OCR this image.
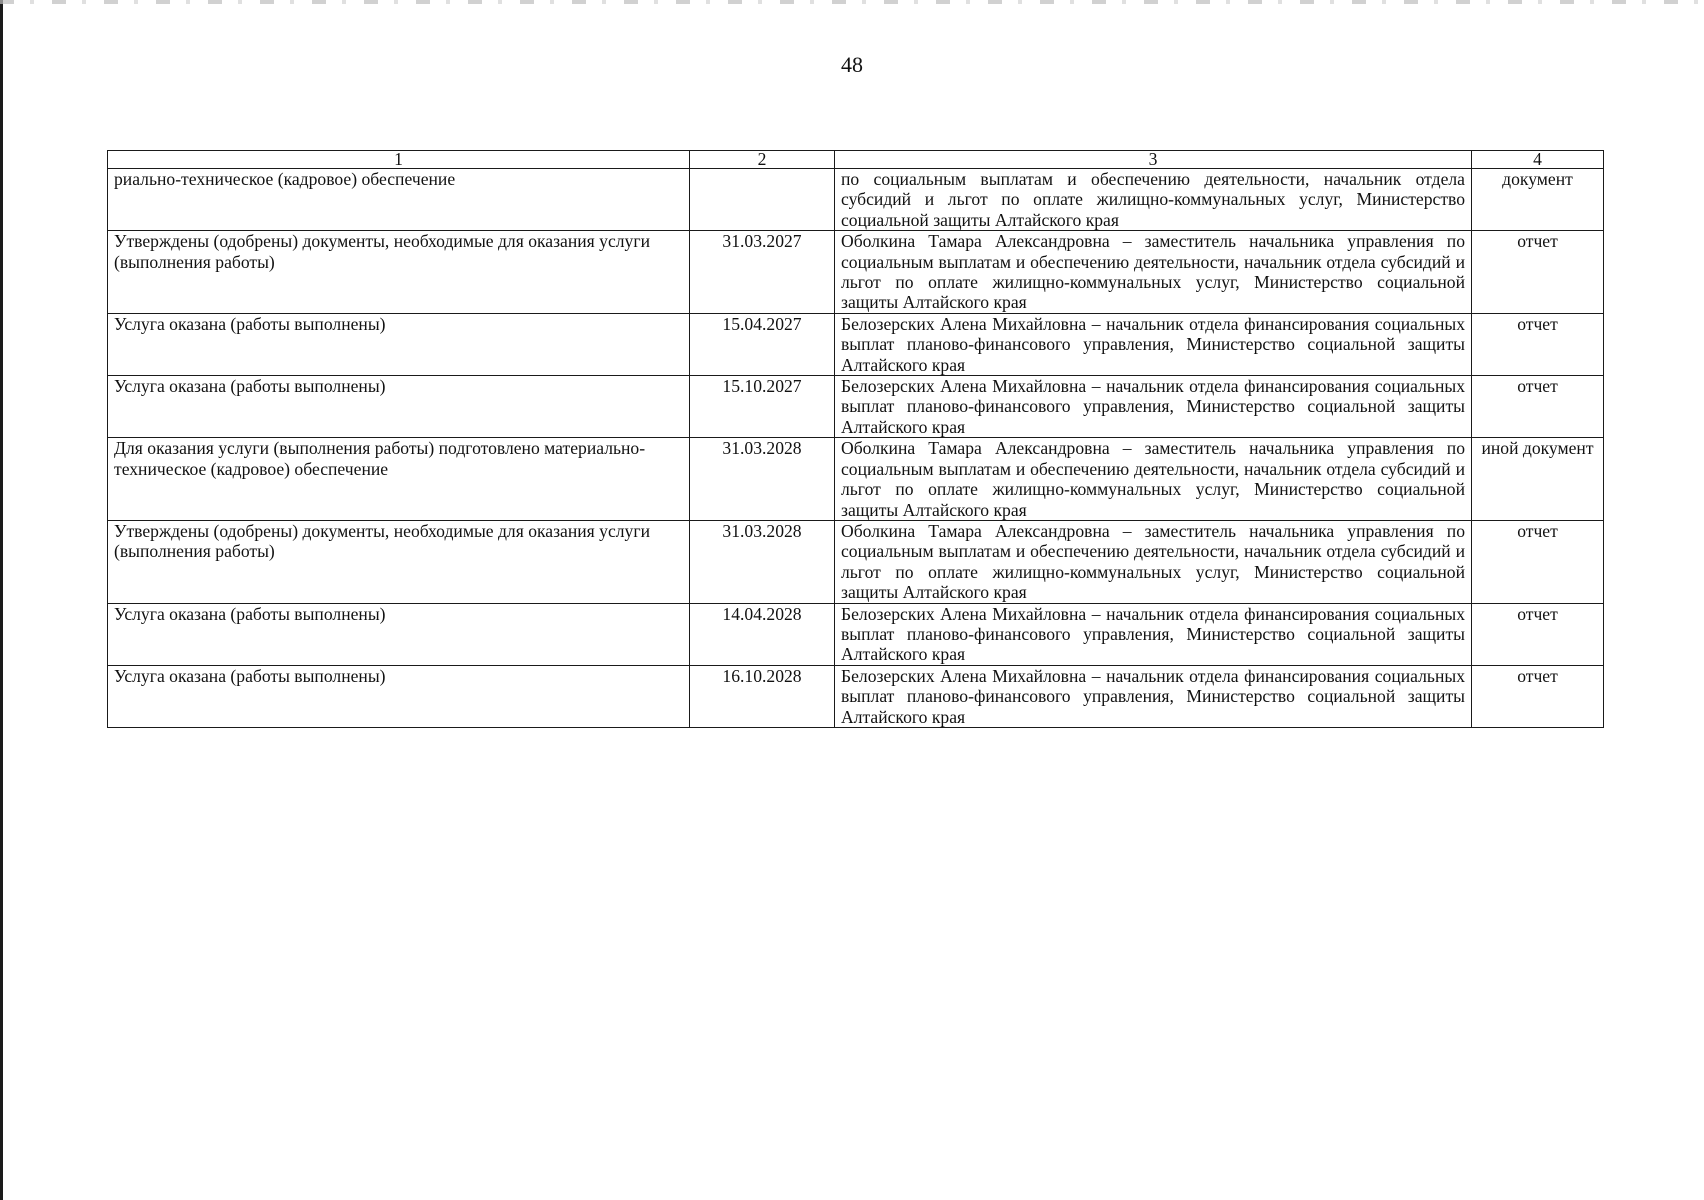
48
1	2	3	4
риально-техническое (кадровое) обеспечение		по социальным выплатам и обеспечению деятельности, начальник отдела субсидий и льгот по оплате жилищно-коммунальных услуг, Министерство социальной защиты Алтайского края	документ
Утверждены (одобрены) документы, необходимые для оказания услуги (выполнения работы)	31.03.2027	Оболкина Тамара Александровна – заместитель начальника управления по социальным выплатам и обеспечению деятельности, начальник отдела субсидий и льгот по оплате жилищно-коммунальных услуг, Министерство социальной защиты Алтайского края	отчет
Услуга оказана (работы выполнены)	15.04.2027	Белозерских Алена Михайловна – начальник отдела финансирования социальных выплат планово-финансового управления, Министерство социальной защиты Алтайского края	отчет
Услуга оказана (работы выполнены)	15.10.2027	Белозерских Алена Михайловна – начальник отдела финансирования социальных выплат планово-финансового управления, Министерство социальной защиты Алтайского края	отчет
Для оказания услуги (выполнения работы) подготовлено материально-техническое (кадровое) обеспечение	31.03.2028	Оболкина Тамара Александровна – заместитель начальника управления по социальным выплатам и обеспечению деятельности, начальник отдела субсидий и льгот по оплате жилищно-коммунальных услуг, Министерство социальной защиты Алтайского края	иной документ
Утверждены (одобрены) документы, необходимые для оказания услуги (выполнения работы)	31.03.2028	Оболкина Тамара Александровна – заместитель начальника управления по социальным выплатам и обеспечению деятельности, начальник отдела субсидий и льгот по оплате жилищно-коммунальных услуг, Министерство социальной защиты Алтайского края	отчет
Услуга оказана (работы выполнены)	14.04.2028	Белозерских Алена Михайловна – начальник отдела финансирования социальных выплат планово-финансового управления, Министерство социальной защиты Алтайского края	отчет
Услуга оказана (работы выполнены)	16.10.2028	Белозерских Алена Михайловна – начальник отдела финансирования социальных выплат планово-финансового управления, Министерство социальной защиты Алтайского края	отчет
